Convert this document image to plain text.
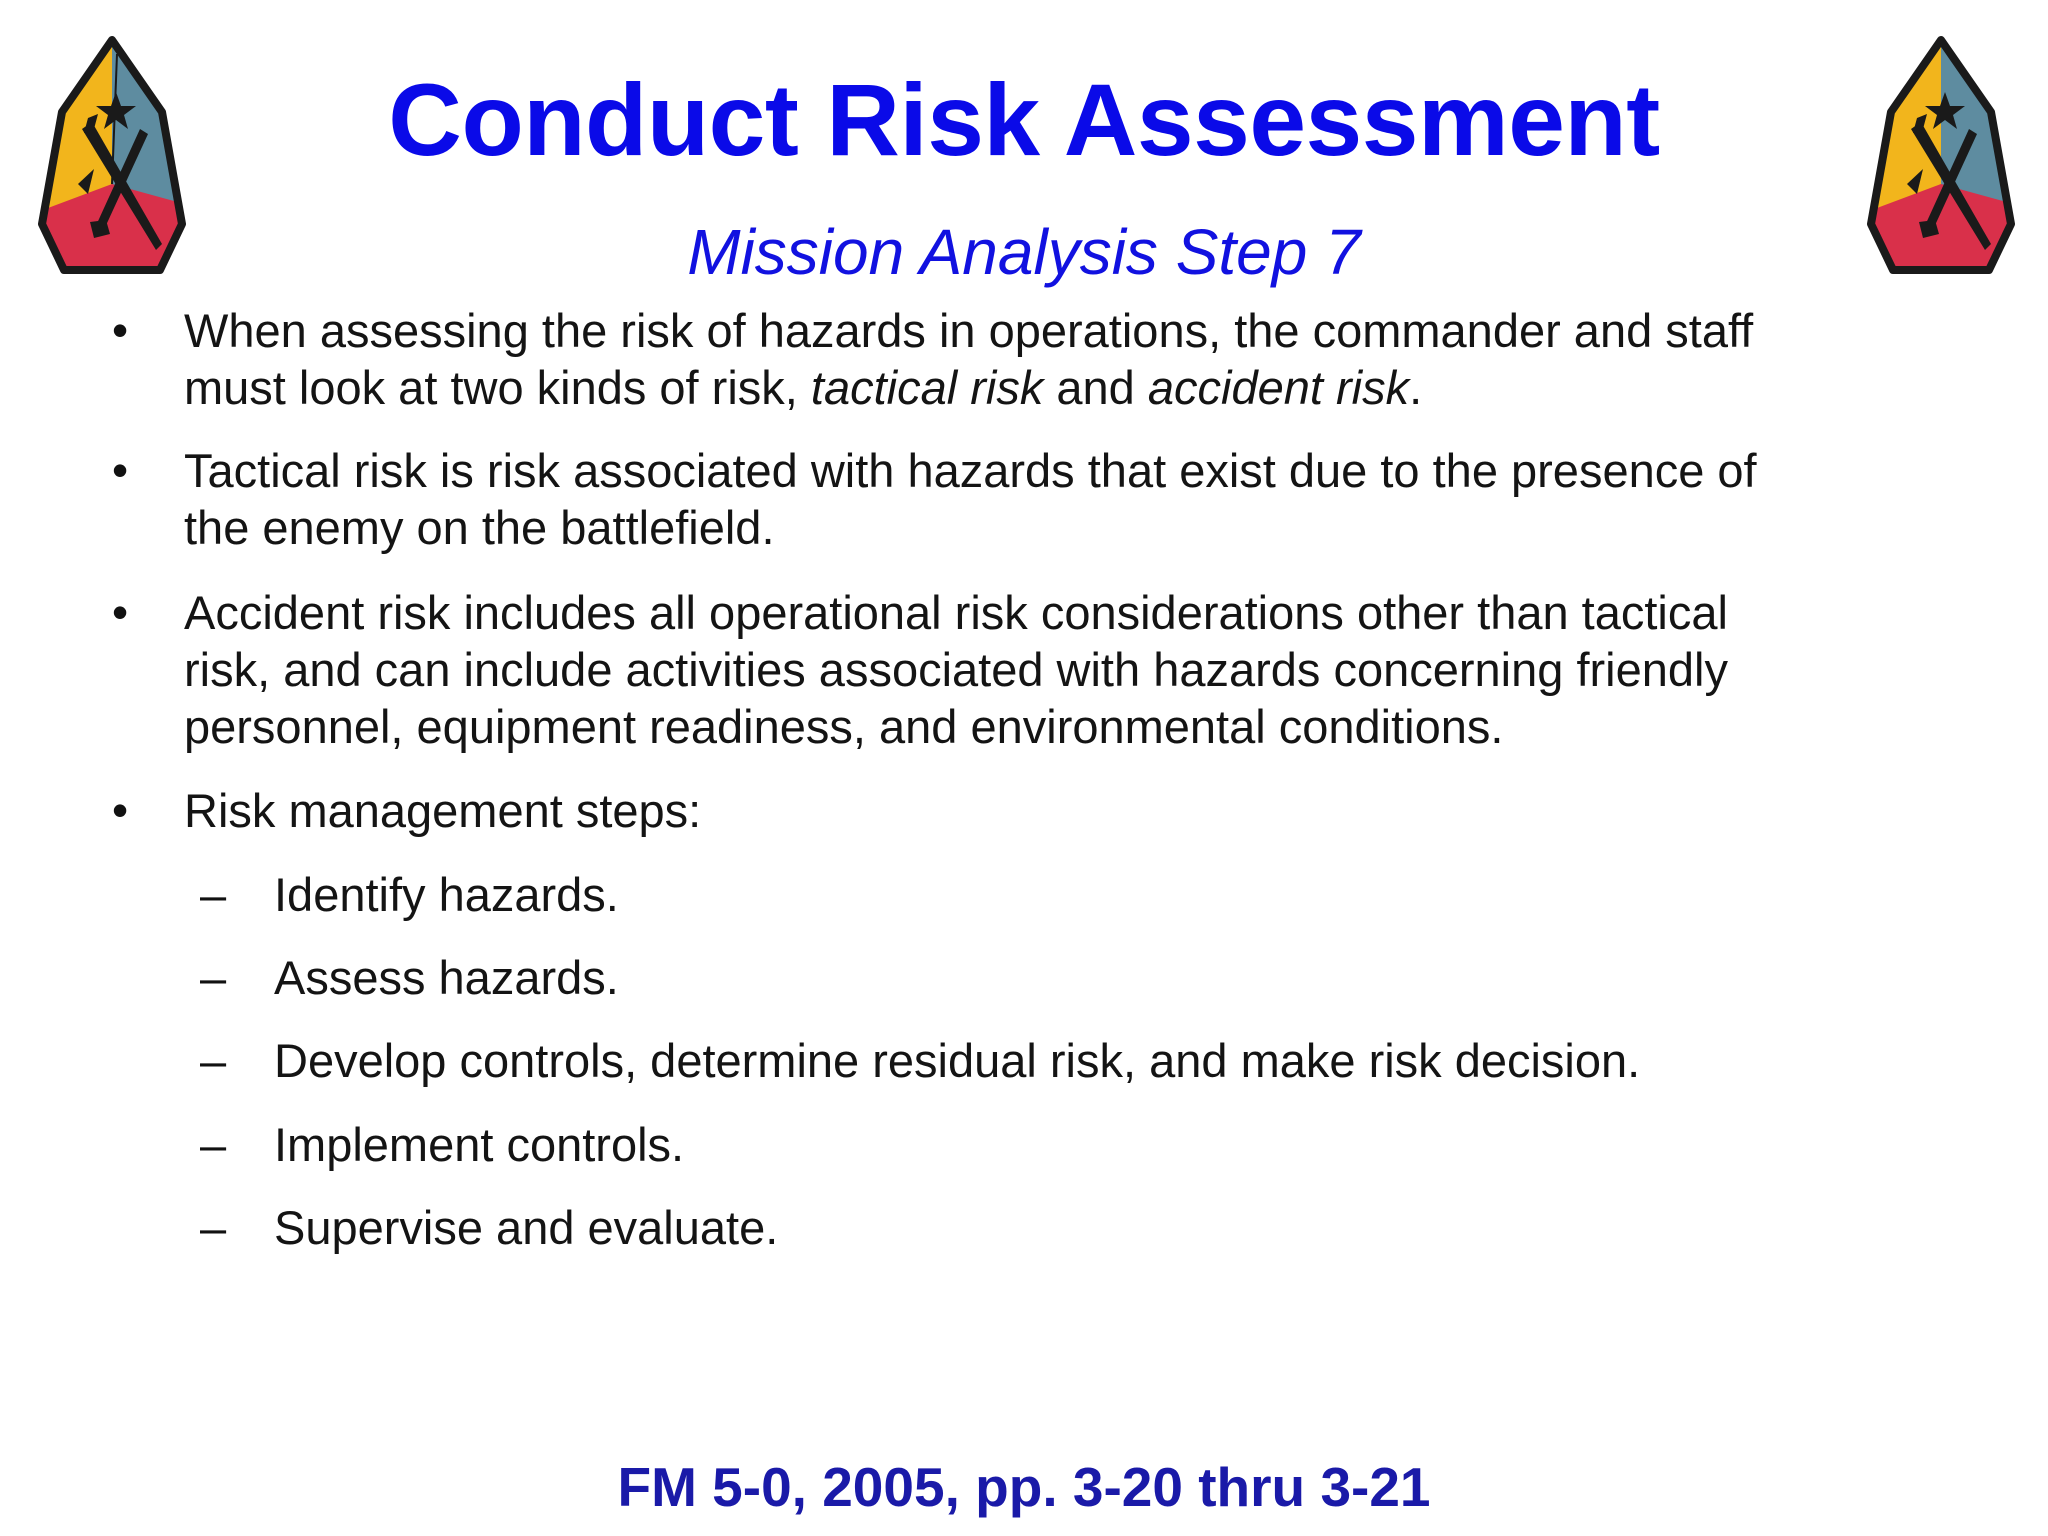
Conduct Risk Assessment
Mission Analysis Step 7
• When assessing the risk of hazards in operations, the commander and staff
must look at two kinds of risk, tactical risk and accident risk.
• Tactical risk is risk associated with hazards that exist due to the presence of
the enemy on the battlefield.
• Accident risk includes all operational risk considerations other than tactical
risk, and can include activities associated with hazards concerning friendly
personnel, equipment readiness, and environmental conditions.
• Risk management steps:
–	Identify hazards.
–	Assess hazards.
–	Develop controls, determine residual risk, and make risk decision.
–	Implement controls.
–	Supervise and evaluate.
FM 5-0, 2005, pp. 3-20 thru 3-21
